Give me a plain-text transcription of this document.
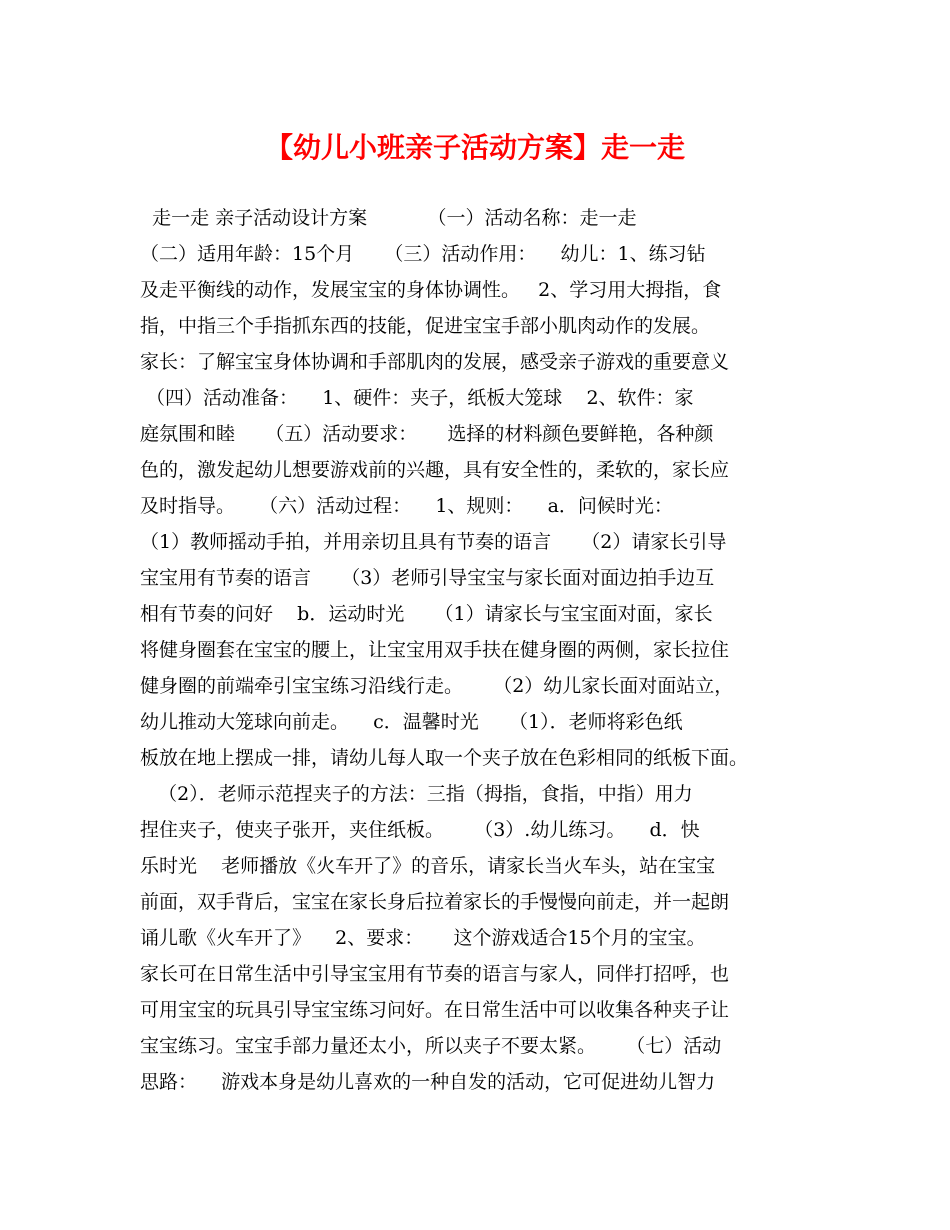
【幼儿小班亲子活动方案】走一走
走一走 亲子活动设计方案          （一）活动名称：走一走
（二）适用年龄：15个月     （三）活动作用：    幼儿：1、练习钻
及走平衡线的动作，发展宝宝的身体协调性。   2、学习用大拇指，食
指，中指三个手指抓东西的技能，促进宝宝手部小肌肉动作的发展。
家长：了解宝宝身体协调和手部肌肉的发展，感受亲子游戏的重要意义
（四）活动准备：    1、硬件：夹子，纸板大笼球    2、软件：家
庭氛围和睦     （五）活动要求：     选择的材料颜色要鲜艳，各种颜
色的，激发起幼儿想要游戏前的兴趣，具有安全性的，柔软的，家长应
及时指导。    （六）活动过程：    1、规则：    a．问候时光：
（1）教师摇动手拍，并用亲切且具有节奏的语言     （2）请家长引导
宝宝用有节奏的语言     （3）老师引导宝宝与家长面对面边拍手边互
相有节奏的问好    b．运动时光     （1）请家长与宝宝面对面，家长
将健身圈套在宝宝的腰上，让宝宝用双手扶在健身圈的两侧，家长拉住
健身圈的前端牵引宝宝练习沿线行走。     （2）幼儿家长面对面站立，
幼儿推动大笼球向前走。    c．温馨时光     （1）．老师将彩色纸
板放在地上摆成一排，请幼儿每人取一个夹子放在色彩相同的纸板下面。
（2）．老师示范捏夹子的方法：三指（拇指，食指，中指）用力
捏住夹子，使夹子张开，夹住纸板。     （3）.幼儿练习。    d．快
乐时光    老师播放《火车开了》的音乐，请家长当火车头，站在宝宝
前面，双手背后，宝宝在家长身后拉着家长的手慢慢向前走，并一起朗
诵儿歌《火车开了》    2、要求：     这个游戏适合15个月的宝宝。
家长可在日常生活中引导宝宝用有节奏的语言与家人，同伴打招呼，也
可用宝宝的玩具引导宝宝练习问好。在日常生活中可以收集各种夹子让
宝宝练习。宝宝手部力量还太小，所以夹子不要太紧。     （七）活动
思路：    游戏本身是幼儿喜欢的一种自发的活动，它可促进幼儿智力
